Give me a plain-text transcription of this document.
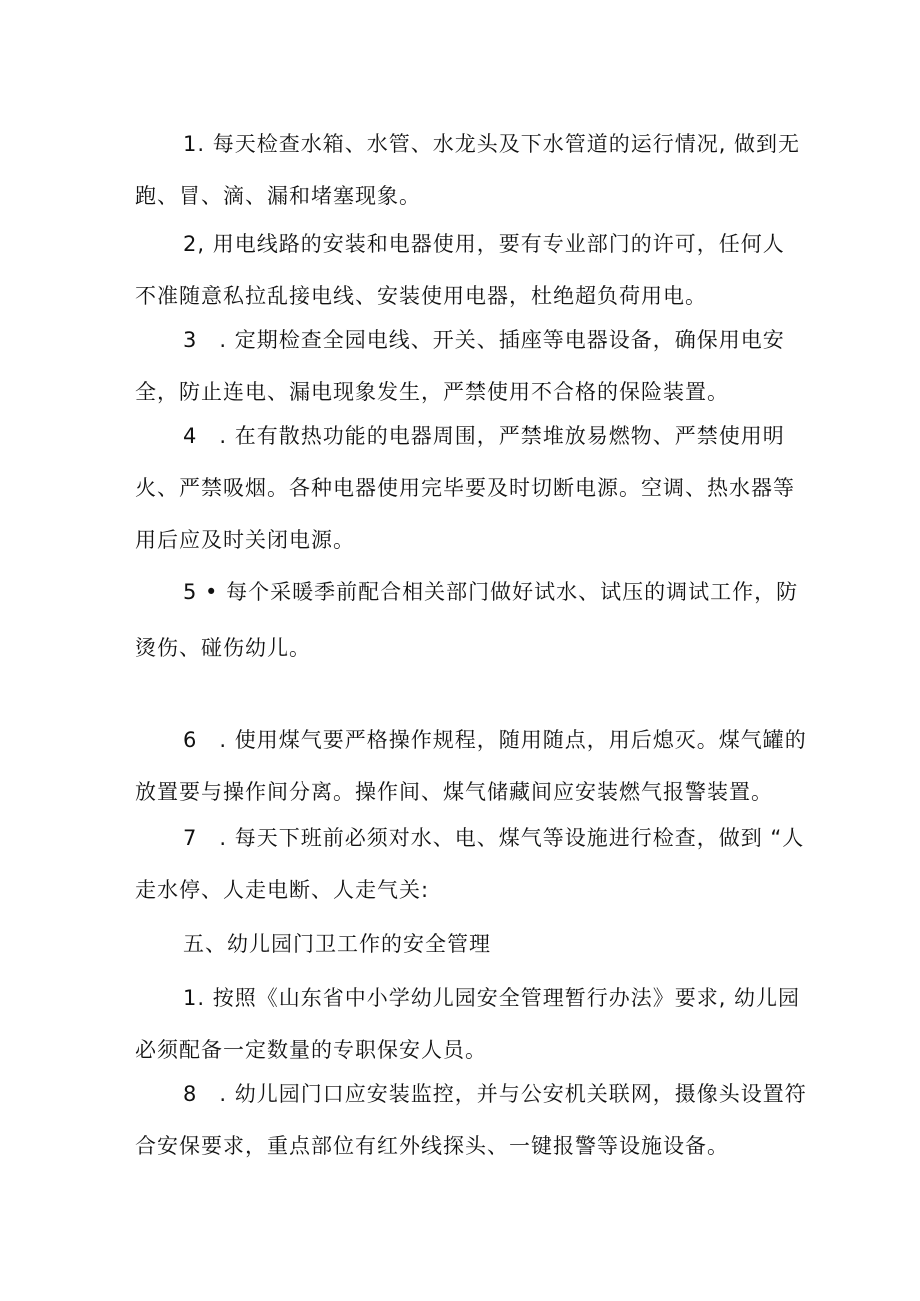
1. 每天检查水箱、水管、水龙头及下水管道的运行情况, 做到无
跑、冒、滴、漏和堵塞现象。
2, 用电线路的安装和电器使用，要有专业部门的许可，任何人
不准随意私拉乱接电线、安装使用电器，杜绝超负荷用电。
3 . 定期检查全园电线、开关、插座等电器设备，确保用电安
全，防止连电、漏电现象发生，严禁使用不合格的保险装置。
4 . 在有散热功能的电器周围，严禁堆放易燃物、严禁使用明
火、严禁吸烟。各种电器使用完毕要及时切断电源。空调、热水器等
用后应及时关闭电源。
5 • 每个采暖季前配合相关部门做好试水、试压的调试工作，防
烫伤、碰伤幼儿。
6 . 使用煤气要严格操作规程，随用随点，用后熄灭。煤气罐的
放置要与操作间分离。操作间、煤气储藏间应安装燃气报警装置。
7 . 每天下班前必须对水、电、煤气等设施进行检查，做到 “人
走水停、人走电断、人走气关:
五、幼儿园门卫工作的安全管理
1. 按照《山东省中小学幼儿园安全管理暂行办法》要求, 幼儿园
必须配备一定数量的专职保安人员。
8 . 幼儿园门口应安装监控，并与公安机关联网，摄像头设置符
合安保要求，重点部位有红外线探头、一键报警等设施设备。
